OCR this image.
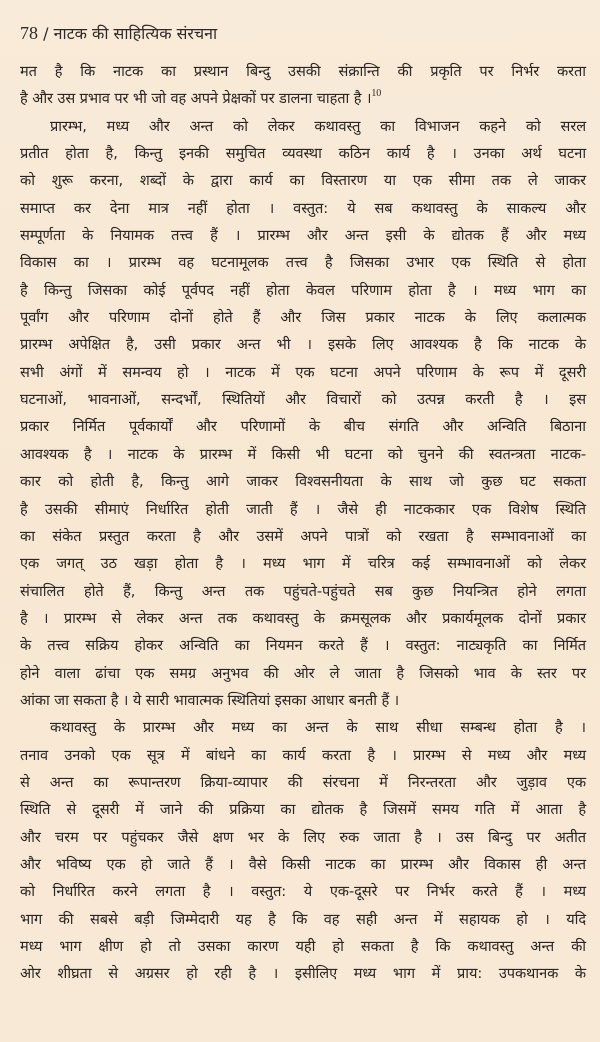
78 / नाटक की साहित्यिक संरचना
मत है कि नाटक का प्रस्थान बिन्दु उसकी संक्रान्ति की प्रकृति पर निर्भर करता
है और उस प्रभाव पर भी जो वह अपने प्रेक्षकों पर डालना चाहता है ।$^{10}$
प्रारम्भ, मध्य और अन्त को लेकर कथावस्तु का विभाजन कहने को सरल
प्रतीत होता है, किन्तु इनकी समुचित व्यवस्था कठिन कार्य है । उनका अर्थ घटना
को शुरू करना, शब्दों के द्वारा कार्य का विस्तारण या एक सीमा तक ले जाकर
समाप्त कर देना मात्र नहीं होता । वस्तुत: ये सब कथावस्तु के साकल्य और
सम्पूर्णता के नियामक तत्त्व हैं । प्रारम्भ और अन्त इसी के द्योतक हैं और मध्य
विकास का । प्रारम्भ वह घटनामूलक तत्त्व है जिसका उभार एक स्थिति से होता
है किन्तु जिसका कोई पूर्वपद नहीं होता केवल परिणाम होता है । मध्य भाग का
पूर्वांग और परिणाम दोनों होते हैं और जिस प्रकार नाटक के लिए कलात्मक
प्रारम्भ अपेक्षित है, उसी प्रकार अन्त भी । इसके लिए आवश्यक है कि नाटक के
सभी अंगों में समन्वय हो । नाटक में एक घटना अपने परिणाम के रूप में दूसरी
घटनाओं, भावनाओं, सन्दर्भों, स्थितियों और विचारों को उत्पन्न करती है । इस
प्रकार निर्मित पूर्वकार्यों और परिणामों के बीच संगति और अन्विति बिठाना
आवश्यक है । नाटक के प्रारम्भ में किसी भी घटना को चुनने की स्वतन्त्रता नाटक-
कार को होती है, किन्तु आगे जाकर विश्वसनीयता के साथ जो कुछ घट सकता
है उसकी सीमाएं निर्धारित होती जाती हैं । जैसे ही नाटककार एक विशेष स्थिति
का संकेत प्रस्तुत करता है और उसमें अपने पात्रों को रखता है सम्भावनाओं का
एक जगत् उठ खड़ा होता है । मध्य भाग में चरित्र कई सम्भावनाओं को लेकर
संचालित होते हैं, किन्तु अन्त तक पहुंचते-पहुंचते सब कुछ नियन्त्रित होने लगता
है । प्रारम्भ से लेकर अन्त तक कथावस्तु के क्रमसूलक और प्रकार्यमूलक दोनों प्रकार
के तत्त्व सक्रिय होकर अन्विति का नियमन करते हैं । वस्तुत: नाट्यकृति का निर्मित
होने वाला ढांचा एक समग्र अनुभव की ओर ले जाता है जिसको भाव के स्तर पर
आंका जा सकता है । ये सारी भावात्मक स्थितियां इसका आधार बनती हैं ।
कथावस्तु के प्रारम्भ और मध्य का अन्त के साथ सीधा सम्बन्ध होता है ।
तनाव उनको एक सूत्र में बांधने का कार्य करता है । प्रारम्भ से मध्य और मध्य
से अन्त का रूपान्तरण क्रिया-व्यापार की संरचना में निरन्तरता और जुड़ाव एक
स्थिति से दूसरी में जाने की प्रक्रिया का द्योतक है जिसमें समय गति में आता है
और चरम पर पहुंचकर जैसे क्षण भर के लिए रुक जाता है । उस बिन्दु पर अतीत
और भविष्य एक हो जाते हैं । वैसे किसी नाटक का प्रारम्भ और विकास ही अन्त
को निर्धारित करने लगता है । वस्तुत: ये एक-दूसरे पर निर्भर करते हैं । मध्य
भाग की सबसे बड़ी जिम्मेदारी यह है कि वह सही अन्त में सहायक हो । यदि
मध्य भाग क्षीण हो तो उसका कारण यही हो सकता है कि कथावस्तु अन्त की
ओर शीघ्रता से अग्रसर हो रही है । इसीलिए मध्य भाग में प्राय: उपकथानक के
